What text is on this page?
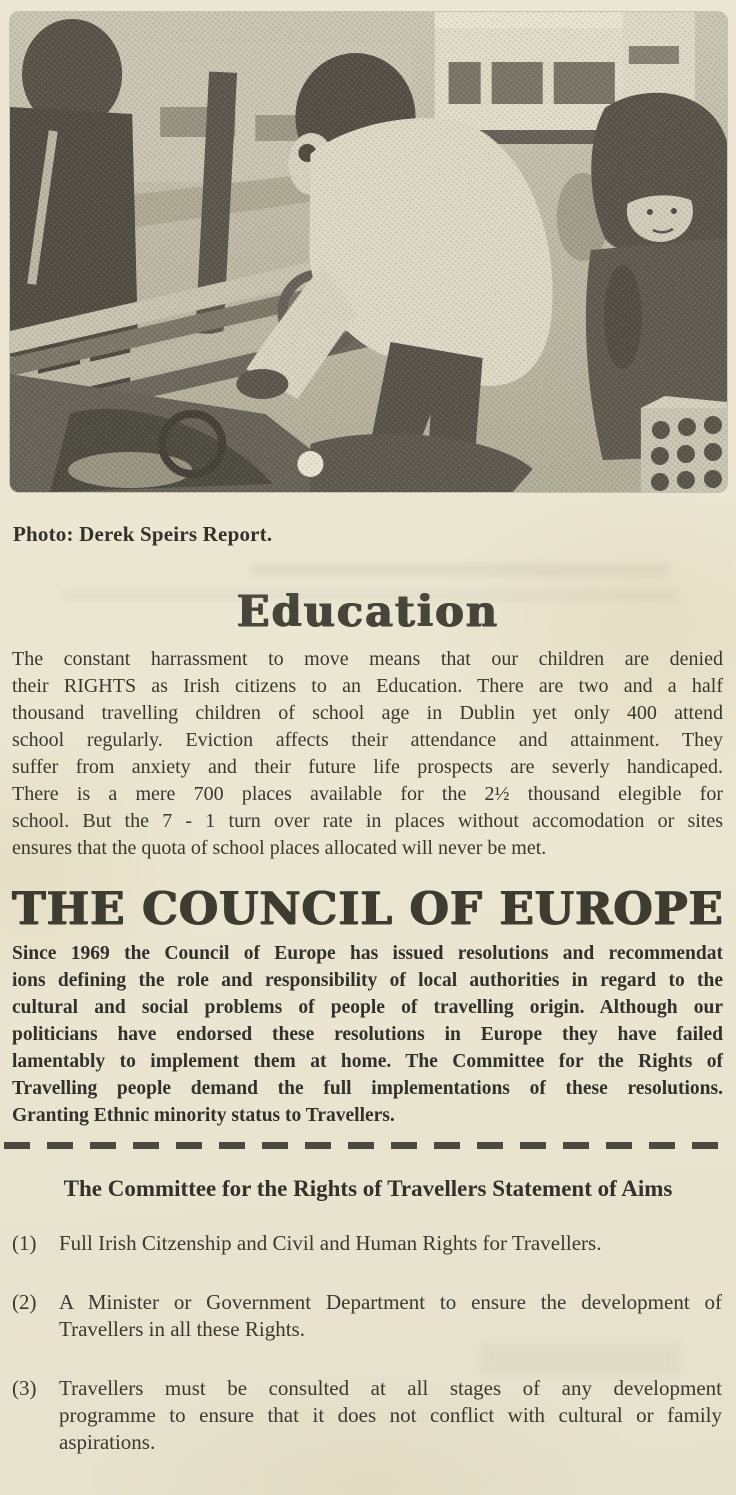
Photo: Derek Speirs Report.
Education
The constant harrassment to move means that our children are denied
their RIGHTS as Irish citizens to an Education. There are two and a half
thousand travelling children of school age in Dublin yet only 400 attend
school regularly. Eviction affects their attendance and attainment. They
suffer from anxiety and their future life prospects are severly handicaped.
There is a mere 700 places available for the 2½ thousand elegible for
school. But the 7 - 1 turn over rate in places without accomodation or sites
ensures that the quota of school places allocated will never be met.
THE COUNCIL OF EUROPE
Since 1969 the Council of Europe has issued resolutions and recommendat
ions defining the role and responsibility of local authorities in regard to the
cultural and social problems of people of travelling origin. Although our
politicians have endorsed these resolutions in Europe they have failed
lamentably to implement them at home. The Committee for the Rights of
Travelling people demand the full implementations of these resolutions.
Granting Ethnic minority status to Travellers.
The Committee for the Rights of Travellers Statement of Aims
(1)	Full Irish Citzenship and Civil and Human Rights for Travellers.
(2)	A Minister or Government Department to ensure the development of
Travellers in all these Rights.
(3)	Travellers must be consulted at all stages of any development
programme to ensure that it does not conflict with cultural or family
aspirations.
